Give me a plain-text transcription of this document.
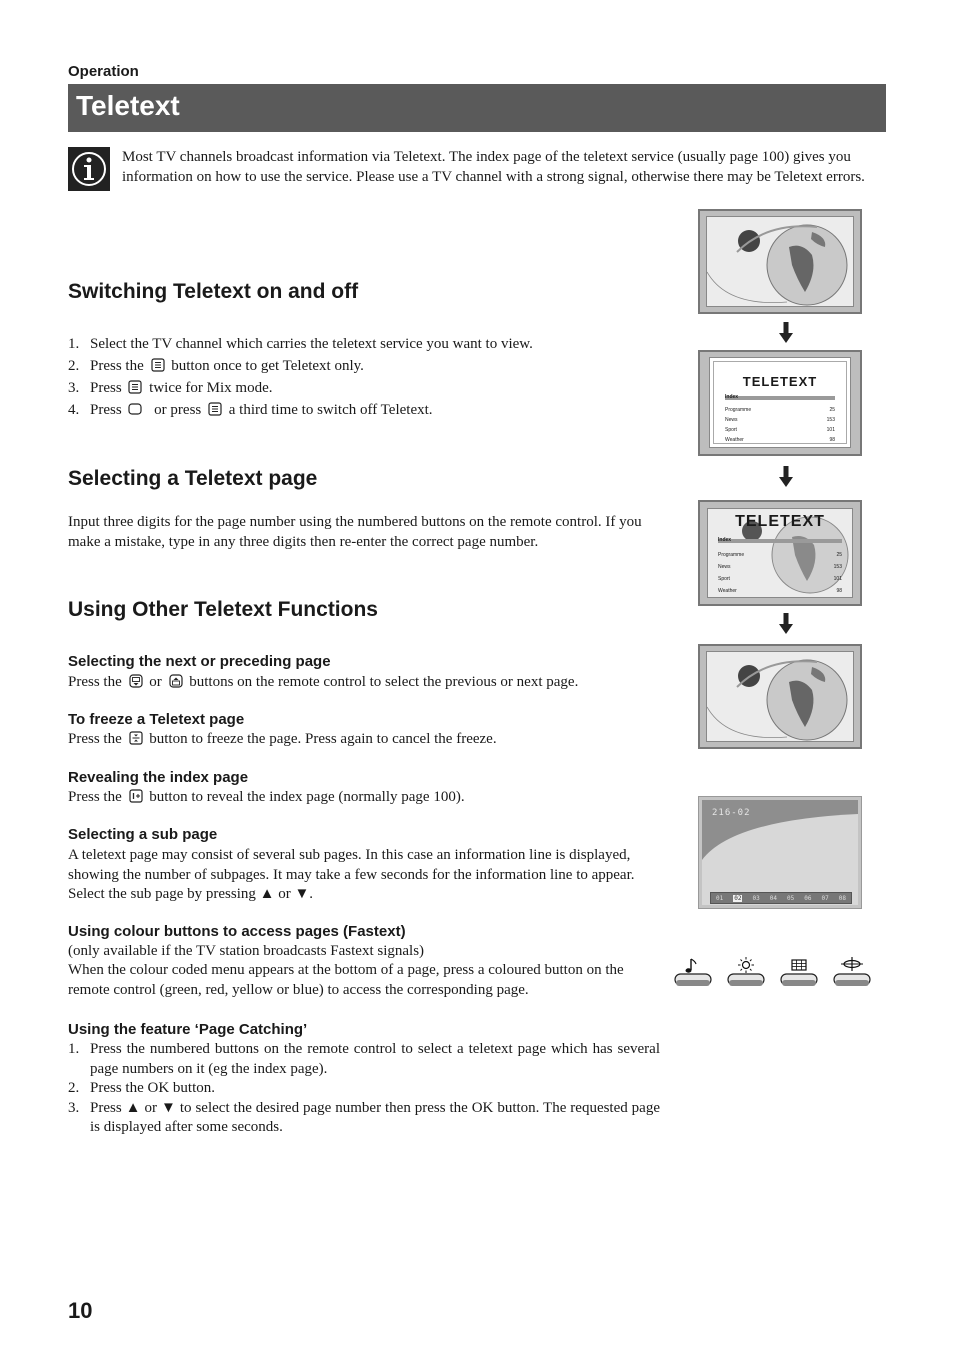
Operation
Teletext
Most TV channels broadcast information via Teletext. The index page of the teletext service (usually page 100) gives you information on how to use the service. Please use a TV channel with a strong signal, otherwise there may be Teletext errors.
Switching Teletext on and off
1. Select the TV channel which carries the teletext service you want to view.
2. Press the button once to get Teletext only.
3. Press twice for Mix mode.
4. Press or press a third time to switch off Teletext.
Selecting a Teletext page
Input three digits for the page number using the numbered buttons on the remote control. If you make a mistake, type in any three digits then re-enter the correct page number.
Using Other Teletext Functions
Selecting the next or preceding page
Press the or buttons on the remote control to select the previous or next page.
To freeze a Teletext page
Press the button to freeze the page. Press again to cancel the freeze.
Revealing the index page
Press the button to reveal the index page (normally page 100).
Selecting a sub page
A teletext page may consist of several sub pages. In this case an information line is displayed, showing the number of subpages. It may take a few seconds for the information line to appear. Select the sub page by pressing ▲ or ▼.
Using colour buttons to access pages (Fastext)
(only available if the TV station broadcasts Fastext signals)
When the colour coded menu appears at the bottom of a page, press a coloured button on the remote control (green, red, yellow or blue) to access the corresponding page.
Using the feature ‘Page Catching’
1. Press the numbered buttons on the remote control to select a teletext page which has several page numbers on it (eg the index page).
2. Press the OK button.
3. Press ▲ or ▼ to select the desired page number then press the OK button. The requested page is displayed after some seconds.
TELETEXT
Index
Programme	25
News	153
Sport	101
Weather	98
TELETEXT
Index
Programme	25
News	153
Sport	101
Weather	98
216-02
01 02 03 04 05 06 07 08
10
